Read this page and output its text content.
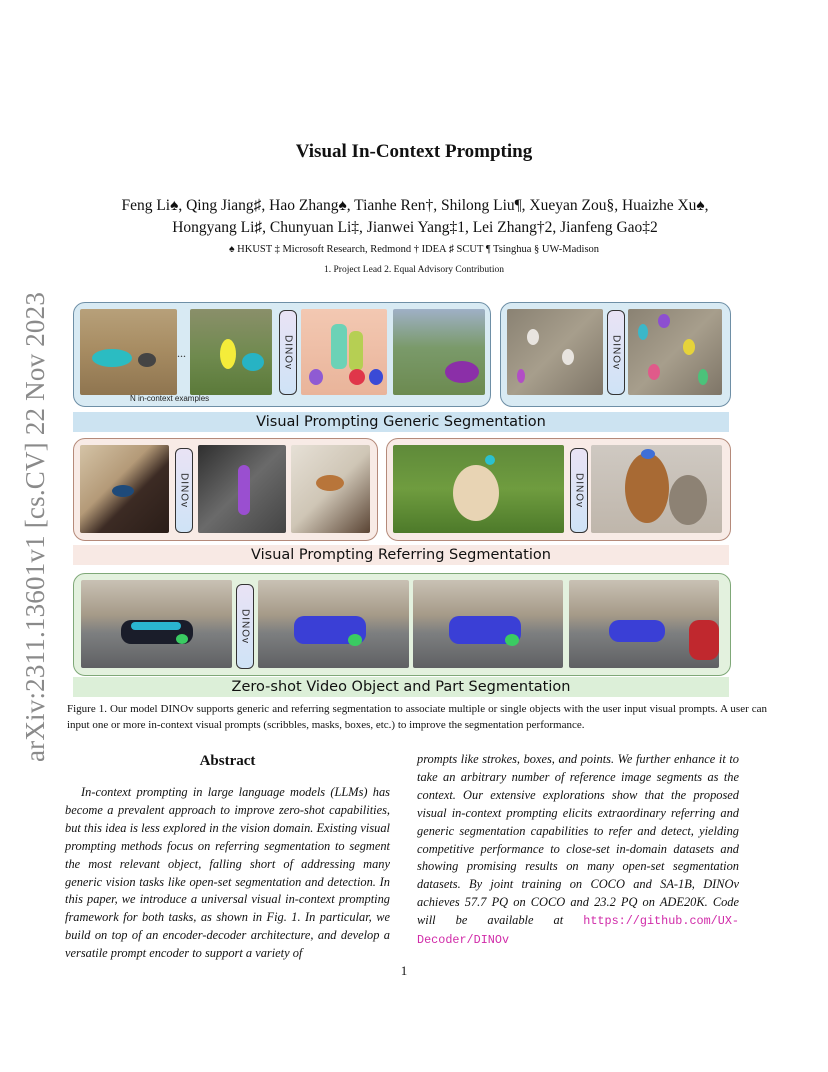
arXiv:2311.13601v1 [cs.CV] 22 Nov 2023
Visual In-Context Prompting
Feng Li♠, Qing Jiang♯, Hao Zhang♠, Tianhe Ren†, Shilong Liu¶, Xueyan Zou§, Huaizhe Xu♠,
Hongyang Li♯, Chunyuan Li‡, Jianwei Yang‡1, Lei Zhang†2, Jianfeng Gao‡2
♠ HKUST ‡ Microsoft Research, Redmond † IDEA ♯ SCUT ¶ Tsinghua § UW-Madison
1. Project Lead 2. Equal Advisory Contribution
...
N in-context examples
DINOv	DINOv
Visual Prompting Generic Segmentation
DINOv	DINOv
Visual Prompting Referring Segmentation
DINOv
Zero-shot Video Object and Part Segmentation
Figure 1. Our model DINOv supports generic and referring segmentation to associate multiple or single objects with the user input visual prompts. A user can input one or more in-context visual prompts (scribbles, masks, boxes, etc.) to improve the segmentation performance.
Abstract
In-context prompting in large language models (LLMs) has become a prevalent approach to improve zero-shot capabilities, but this idea is less explored in the vision domain. Existing visual prompting methods focus on referring segmentation to segment the most relevant object, falling short of addressing many generic vision tasks like open-set segmentation and detection. In this paper, we introduce a universal visual in-context prompting framework for both tasks, as shown in Fig. 1. In particular, we build on top of an encoder-decoder architecture, and develop a versatile prompt encoder to support a variety of
prompts like strokes, boxes, and points. We further enhance it to take an arbitrary number of reference image segments as the context. Our extensive explorations show that the proposed visual in-context prompting elicits extraordinary referring and generic segmentation capabilities to refer and detect, yielding competitive performance to close-set in-domain datasets and showing promising results on many open-set segmentation datasets. By joint training on COCO and SA-1B, DINOv achieves 57.7 PQ on COCO and 23.2 PQ on ADE20K. Code will be available at https://github.com/UX-Decoder/DINOv
1
